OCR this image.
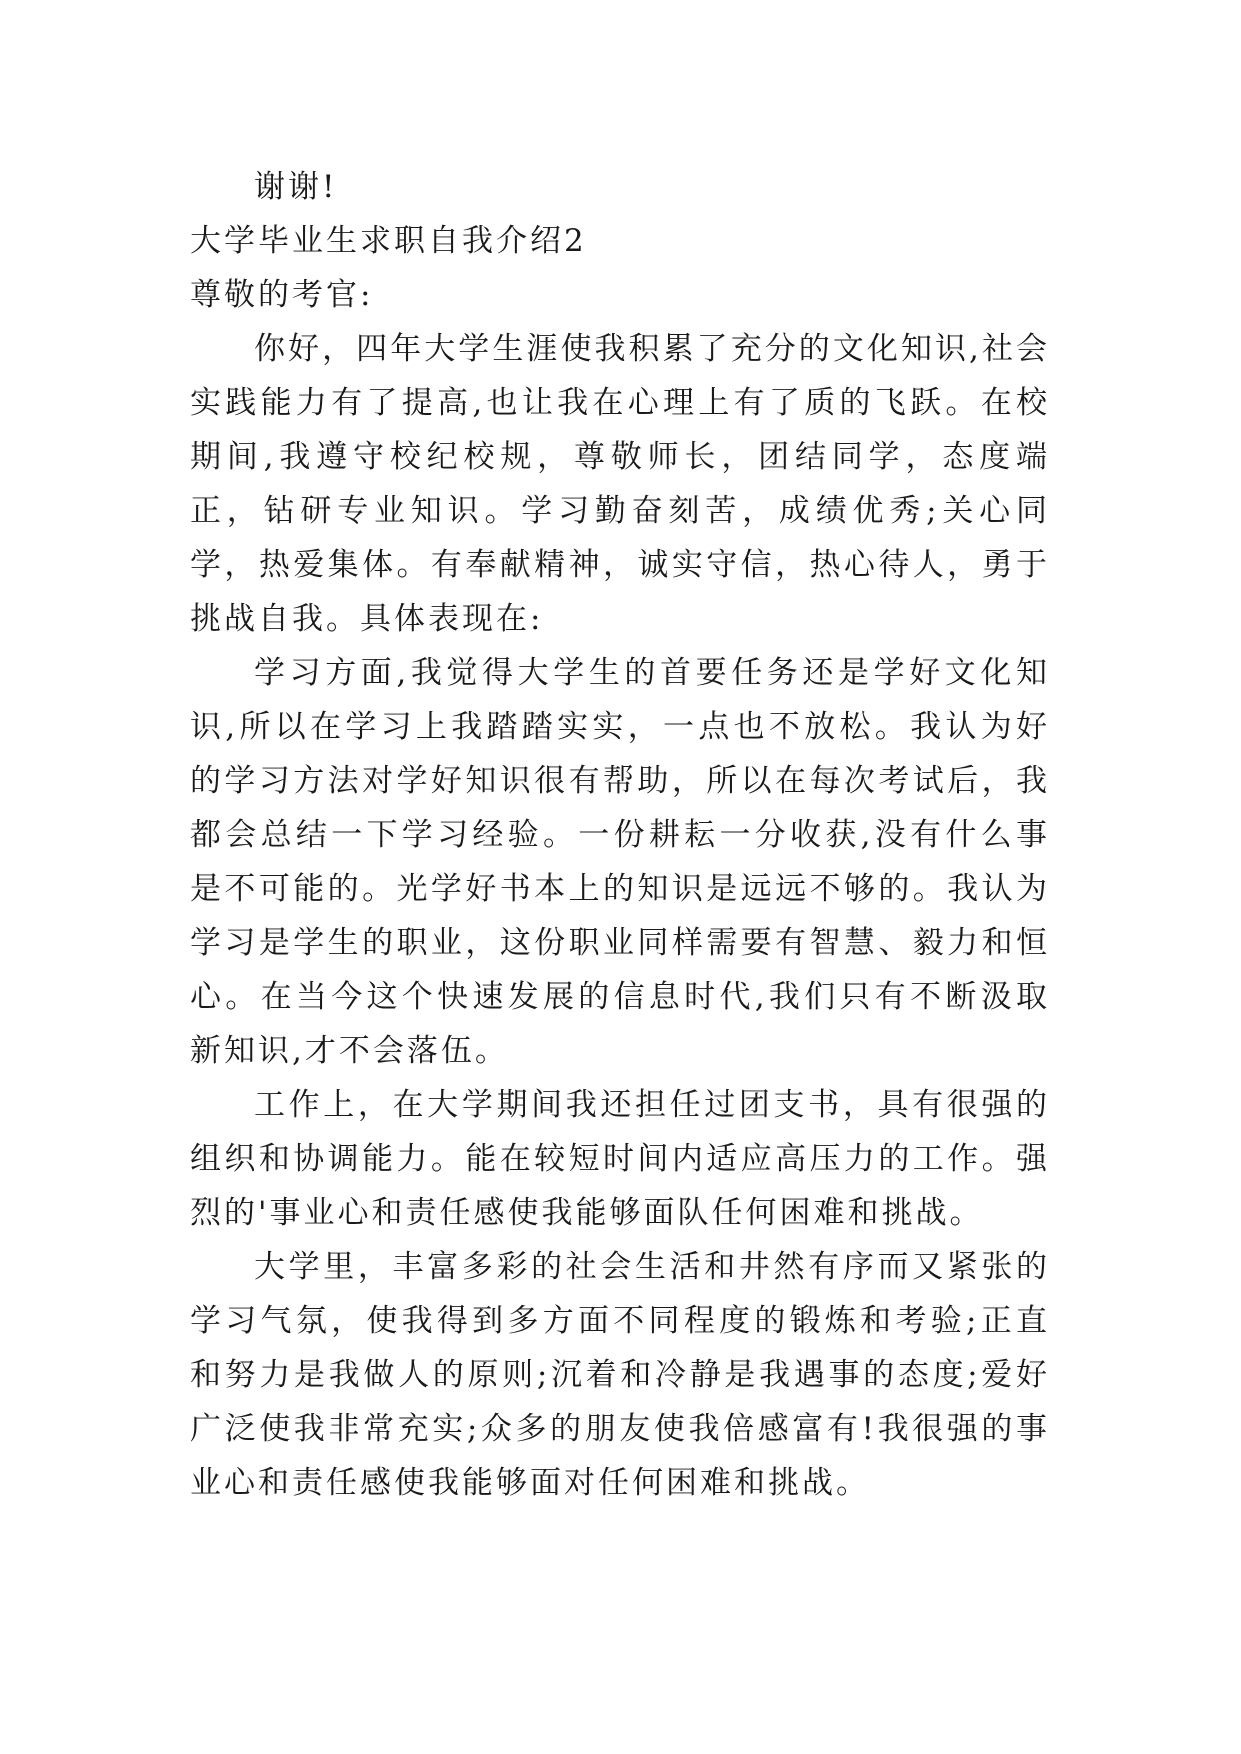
谢谢!

大学毕业生求职自我介绍2

尊敬的考官:

你好，四年大学生涯使我积累了充分的文化知识,社会实践能力有了提高,也让我在心理上有了质的飞跃。在校期间,我遵守校纪校规，尊敬师长，团结同学，态度端正，钻研专业知识。学习勤奋刻苦，成绩优秀;关心同学，热爱集体。有奉献精神，诚实守信，热心待人，勇于挑战自我。具体表现在:

学习方面,我觉得大学生的首要任务还是学好文化知识,所以在学习上我踏踏实实，一点也不放松。我认为好的学习方法对学好知识很有帮助，所以在每次考试后，我都会总结一下学习经验。一份耕耘一分收获,没有什么事是不可能的。光学好书本上的知识是远远不够的。我认为学习是学生的职业，这份职业同样需要有智慧、毅力和恒心。在当今这个快速发展的信息时代,我们只有不断汲取新知识,才不会落伍。

工作上，在大学期间我还担任过团支书，具有很强的组织和协调能力。能在较短时间内适应高压力的工作。强烈的'事业心和责任感使我能够面队任何困难和挑战。

大学里，丰富多彩的社会生活和井然有序而又紧张的学习气氛，使我得到多方面不同程度的锻炼和考验;正直和努力是我做人的原则;沉着和冷静是我遇事的态度;爱好广泛使我非常充实;众多的朋友使我倍感富有!我很强的事业心和责任感使我能够面对任何困难和挑战。
